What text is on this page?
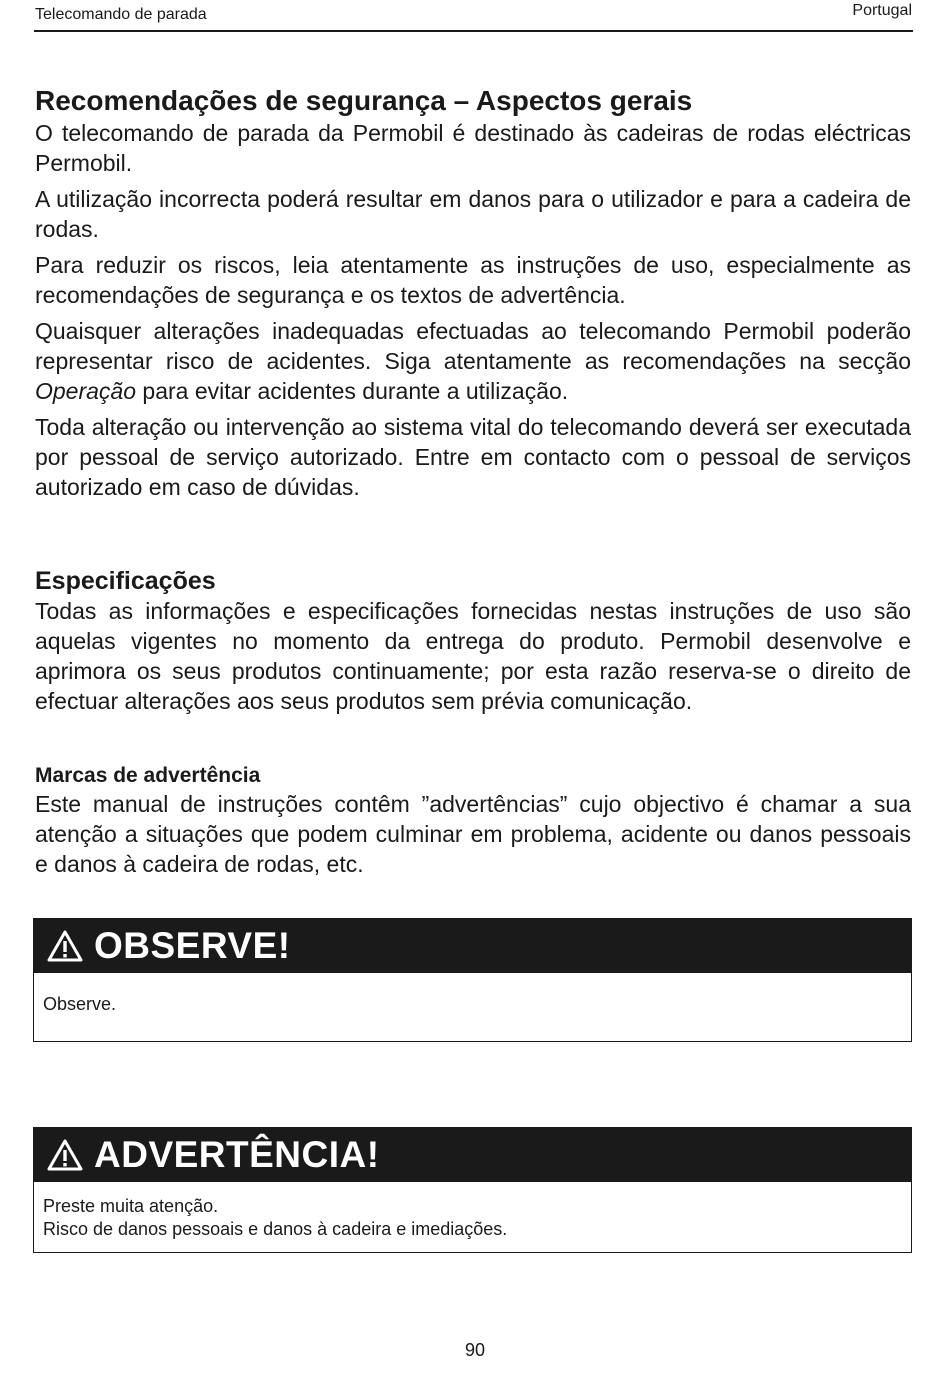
Telecomando de parada	Portugal
Recomendações de segurança – Aspectos gerais

O telecomando de parada da Permobil é destinado às cadeiras de rodas eléctricas Permobil.

A utilização incorrecta poderá resultar em danos para o utilizador e para a cadeira de rodas.

Para reduzir os riscos, leia atentamente as instruções de uso, especialmente as recomendações de segurança e os textos de advertência.

Quaisquer alterações inadequadas efectuadas ao telecomando Permobil poderão representar risco de acidentes. Siga atentamente as recomendações na secção Operação para evitar acidentes durante a utilização.

Toda alteração ou intervenção ao sistema vital do telecomando deverá ser executada por pessoal de serviço autorizado. Entre em contacto com o pessoal de serviços autorizado em caso de dúvidas.

Especificações

Todas as informações e especificações fornecidas nestas instruções de uso são aquelas vigentes no momento da entrega do produto. Permobil desenvolve e aprimora os seus produtos continuamente; por esta razão reserva-se o direito de efectuar alterações aos seus produtos sem prévia comunicação.

Marcas de advertência

Este manual de instruções contêm ”advertências” cujo objectivo é chamar a sua atenção a situações que podem culminar em problema, acidente ou danos pessoais e danos à cadeira de rodas, etc.

OBSERVE!
Observe.
ADVERTÊNCIA!
Preste muita atenção.
Risco de danos pessoais e danos à cadeira e imediações.
90
